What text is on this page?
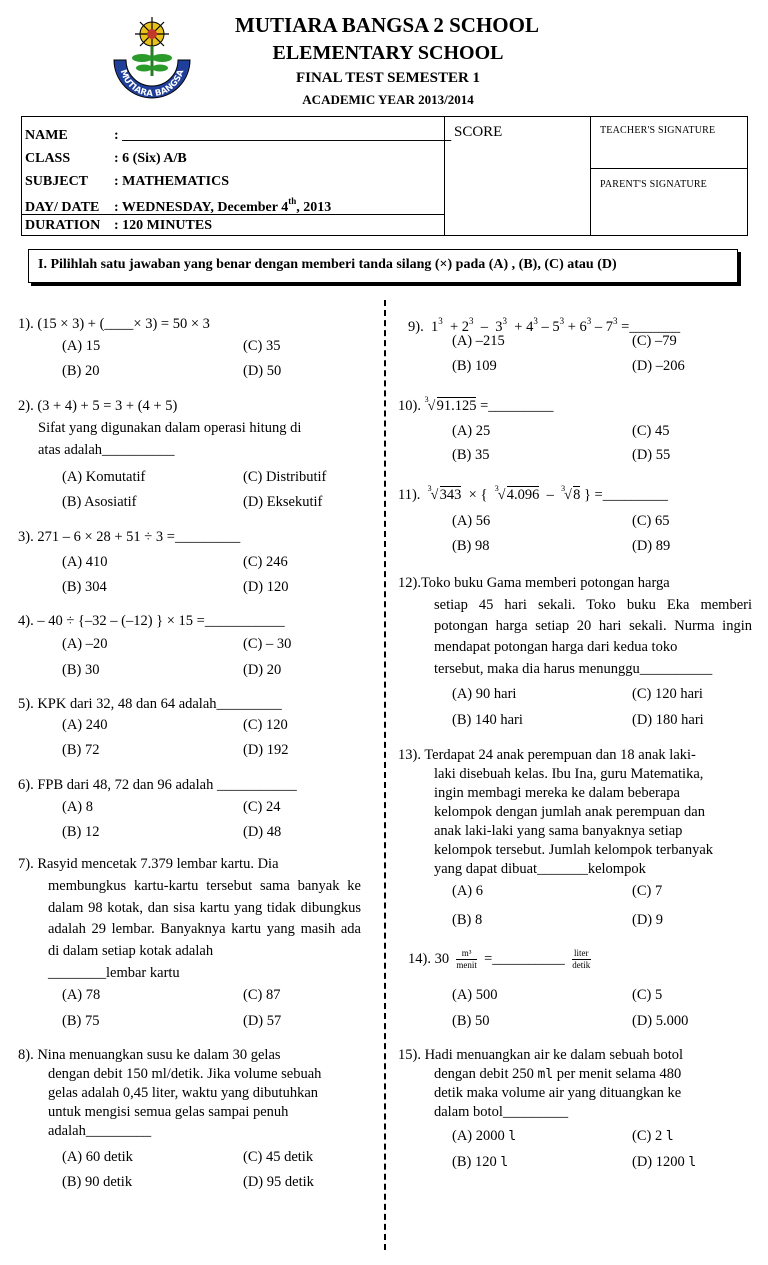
MUTIARA BANGSA
MUTIARA BANGSA 2 SCHOOL
ELEMENTARY SCHOOL
FINAL TEST SEMESTER 1
ACADEMIC YEAR 2013/2014
NAME	: _______________________________________________
CLASS	: 6 (Six) A/B
SUBJECT : MATHEMATICS
DAY/ DATE : WEDNESDAY, December 4th, 2013
DURATION : 120 MINUTES
SCORE	TEACHER'S SIGNATURE
PARENT'S SIGNATURE
I. Pilihlah satu jawaban yang benar dengan memberi tanda silang (×) pada (A) , (B), (C) atau (D)
1). (15 × 3) + (____× 3) = 50 × 3
(A) 15	(C) 35
(B) 20	(D) 50
2). (3 + 4) + 5 = 3 + (4 + 5)
Sifat yang digunakan dalam operasi hitung di
atas adalah__________
(A) Komutatif	(C) Distributif
(B) Asosiatif	(D) Eksekutif
3). 271 – 6 × 28 + 51 ÷ 3 =_________
(A) 410	(C) 246
(B) 304	(D) 120
4). – 40 ÷ {–32 – (–12) } × 15 =___________
(A) –20	(C) – 30
(B) 30	(D) 20
5). KPK dari 32, 48 dan 64 adalah_________
(A) 240	(C) 120
(B) 72	(D) 192
6). FPB dari 48, 72 dan 96 adalah ___________
(A) 8	(C) 24
(B) 12	(D) 48
7). Rasyid mencetak 7.379 lembar kartu. Dia
membungkus kartu-kartu tersebut sama banyak ke dalam 98 kotak, dan sisa kartu yang tidak dibungkus adalah 29 lembar. Banyaknya kartu yang masih ada di dalam setiap kotak adalah
________lembar kartu
(A) 78	(C) 87
(B) 75	(D) 57
8). Nina menuangkan susu ke dalam 30 gelas
dengan debit 150 ml/detik. Jika volume sebuah
gelas adalah 0,45 liter, waktu yang dibutuhkan
untuk mengisi semua gelas sampai penuh
adalah_________
(A) 60 detik	(C) 45 detik
(B) 90 detik	(D) 95 detik
9).  $1^3 + 2^3 - 3^3 + 4^3 - 5^3 + 6^3 - 7^3$ =_______
(A) –215	(C) –79
(B) 109	(D) –206
10). 3 √ 91.125 =_________
(A) 25	(C) 45
(B) 35	(D) 55
11). 3 √ 343  × { 3 √ 4.096  – 3 √ 8 } =_________
(A) 56	(C) 65
(B) 98	(D) 89
12).Toko buku Gama memberi potongan harga
setiap 45 hari sekali. Toko buku Eka memberi potongan harga setiap 20 hari sekali. Nurma ingin mendapat potongan harga dari kedua toko
tersebut, maka dia harus menunggu__________
(A) 90 hari	(C) 120 hari
(B) 140 hari	(D) 180 hari
13). Terdapat 24 anak perempuan dan 18 anak laki-
laki disebuah kelas. Ibu Ina, guru Matematika,
ingin membagi mereka ke dalam beberapa
kelompok dengan jumlah anak perempuan dan
anak laki-laki yang sama banyaknya setiap
kelompok tersebut. Jumlah kelompok terbanyak
yang dapat dibuat_______kelompok
(A) 6	(C) 7
(B) 8	(D) 9
14). $30 \frac{\text{m³}}{\text{menit}}$ =__________ $\frac{\text{liter}}{\text{detik}}$
(A) 500	(C) 5
(B) 50	(D) 5.000
15). Hadi menuangkan air ke dalam sebuah botol
dengan debit 250 ml per menit selama 480
detik maka volume air yang dituangkan ke
dalam botol_________
(A) 2000 l	(C) 2 l
(B) 120 l	(D) 1200 l
